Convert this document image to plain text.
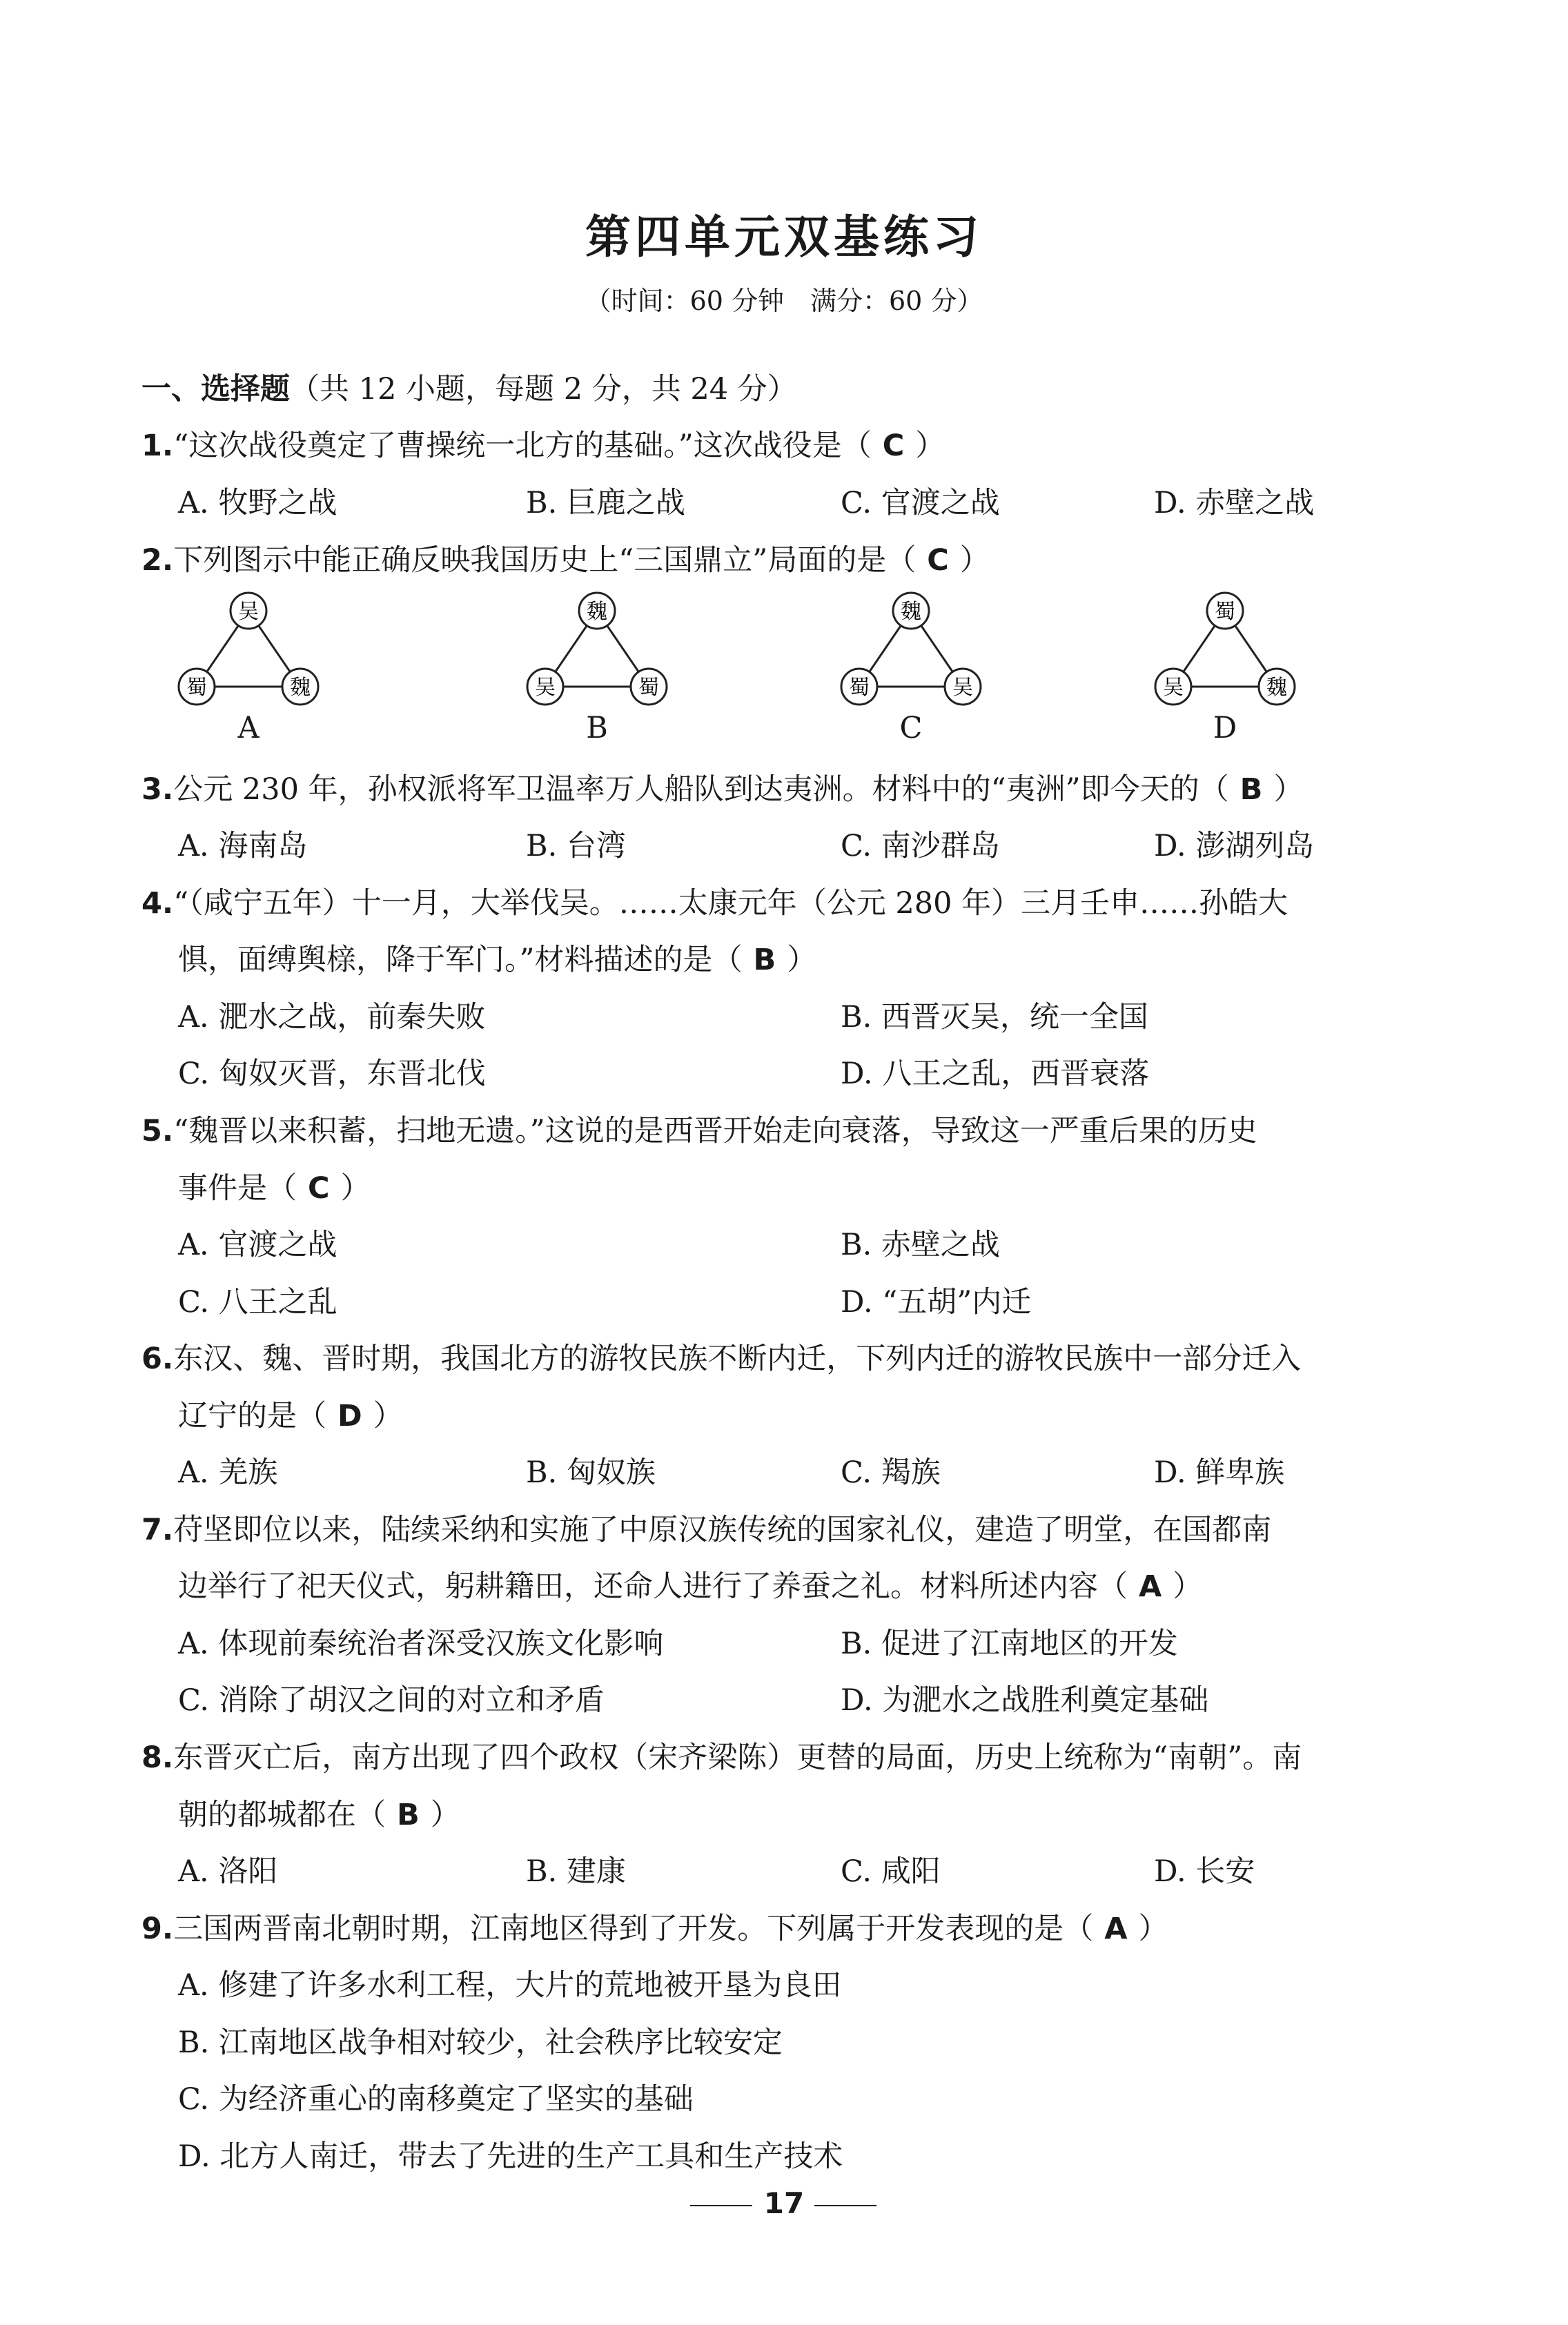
第四单元双基练习
（时间：60 分钟　满分：60 分）
一、选择题（共 12 小题，每题 2 分，共 24 分）
1.“这次战役奠定了曹操统一北方的基础。”这次战役是（ C ）
A. 牧野之战	B. 巨鹿之战	C. 官渡之战	D. 赤壁之战
2.下列图示中能正确反映我国历史上“三国鼎立”局面的是（ C ）
吴
蜀	魏
A
魏
吴	蜀
B
魏
蜀	吴
C
蜀
吴	魏
D
3.公元 230 年，孙权派将军卫温率万人船队到达夷洲。材料中的“夷洲”即今天的（ B ）
A. 海南岛	B. 台湾	C. 南沙群岛	D. 澎湖列岛
4.“（咸宁五年）十一月，大举伐吴。……太康元年（公元 280 年）三月壬申……孙皓大
惧，面缚舆榇，降于军门。”材料描述的是（ B ）
A. 淝水之战，前秦失败	B. 西晋灭吴，统一全国
C. 匈奴灭晋，东晋北伐	D. 八王之乱，西晋衰落
5.“魏晋以来积蓄，扫地无遗。”这说的是西晋开始走向衰落，导致这一严重后果的历史
事件是（ C ）
A. 官渡之战	B. 赤壁之战
C. 八王之乱	D. “五胡”内迁
6.东汉、魏、晋时期，我国北方的游牧民族不断内迁，下列内迁的游牧民族中一部分迁入
辽宁的是（ D ）
A. 羌族	B. 匈奴族	C. 羯族	D. 鲜卑族
7.苻坚即位以来，陆续采纳和实施了中原汉族传统的国家礼仪，建造了明堂，在国都南
边举行了祀天仪式，躬耕籍田，还命人进行了养蚕之礼。材料所述内容（ A ）
A. 体现前秦统治者深受汉族文化影响	B. 促进了江南地区的开发
C. 消除了胡汉之间的对立和矛盾	D. 为淝水之战胜利奠定基础
8.东晋灭亡后，南方出现了四个政权（宋齐梁陈）更替的局面，历史上统称为“南朝”。南
朝的都城都在（ B ）
A. 洛阳	B. 建康	C. 咸阳	D. 长安
9.三国两晋南北朝时期，江南地区得到了开发。下列属于开发表现的是（ A ）
A. 修建了许多水利工程，大片的荒地被开垦为良田
B. 江南地区战争相对较少，社会秩序比较安定
C. 为经济重心的南移奠定了坚实的基础
D. 北方人南迁，带去了先进的生产工具和生产技术
17
